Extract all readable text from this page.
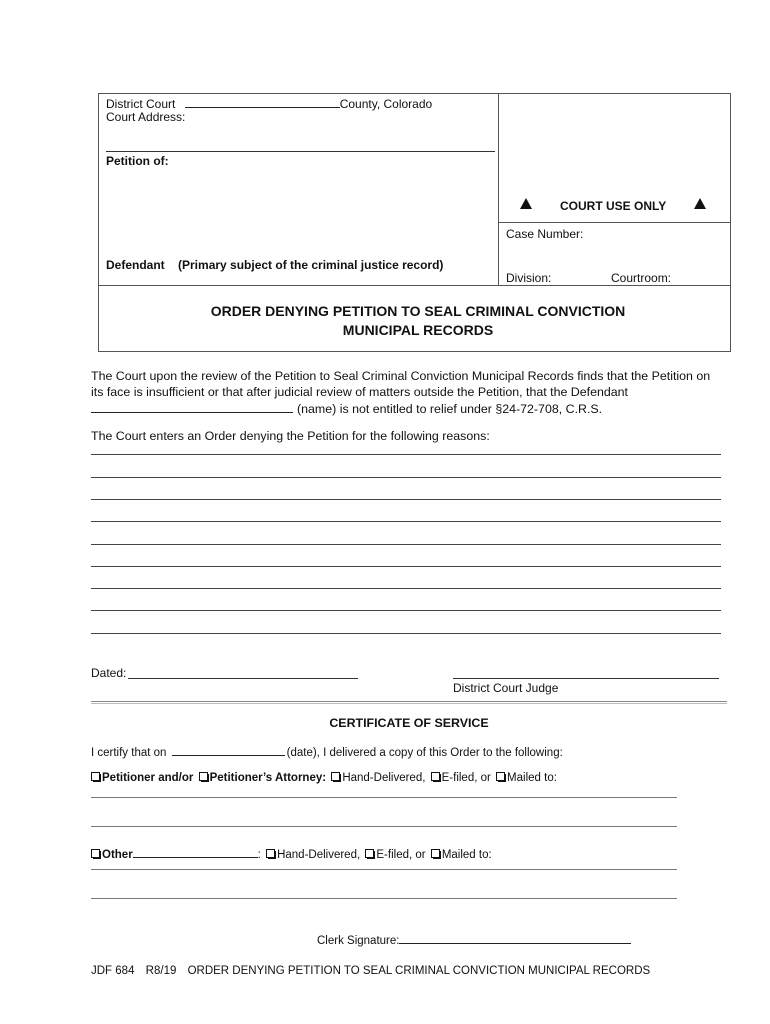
District Court	County, Colorado
Court Address:
Petition of:
Defendant (Primary subject of the criminal justice record)
COURT USE ONLY
Case Number:
Division:	Courtroom:
ORDER DENYING PETITION TO SEAL CRIMINAL CONVICTION
MUNICIPAL RECORDS
The Court upon the review of the Petition to Seal Criminal Conviction Municipal Records finds that the Petition on
its face is insufficient or that after judicial review of matters outside the Petition, that the Defendant
(name) is not entitled to relief under §24-72-708, C.R.S.
The Court enters an Order denying the Petition for the following reasons:
Dated:
District Court Judge
CERTIFICATE OF SERVICE
I certify that on	(date), I delivered a copy of this Order to the following:
Petitioner and/or Petitioner’s Attorney: Hand-Delivered, E-filed, or Mailed to:
Other	: Hand-Delivered, E-filed, or Mailed to:
Clerk Signature:
JDF 684 R8/19 ORDER DENYING PETITION TO SEAL CRIMINAL CONVICTION MUNICIPAL RECORDS
